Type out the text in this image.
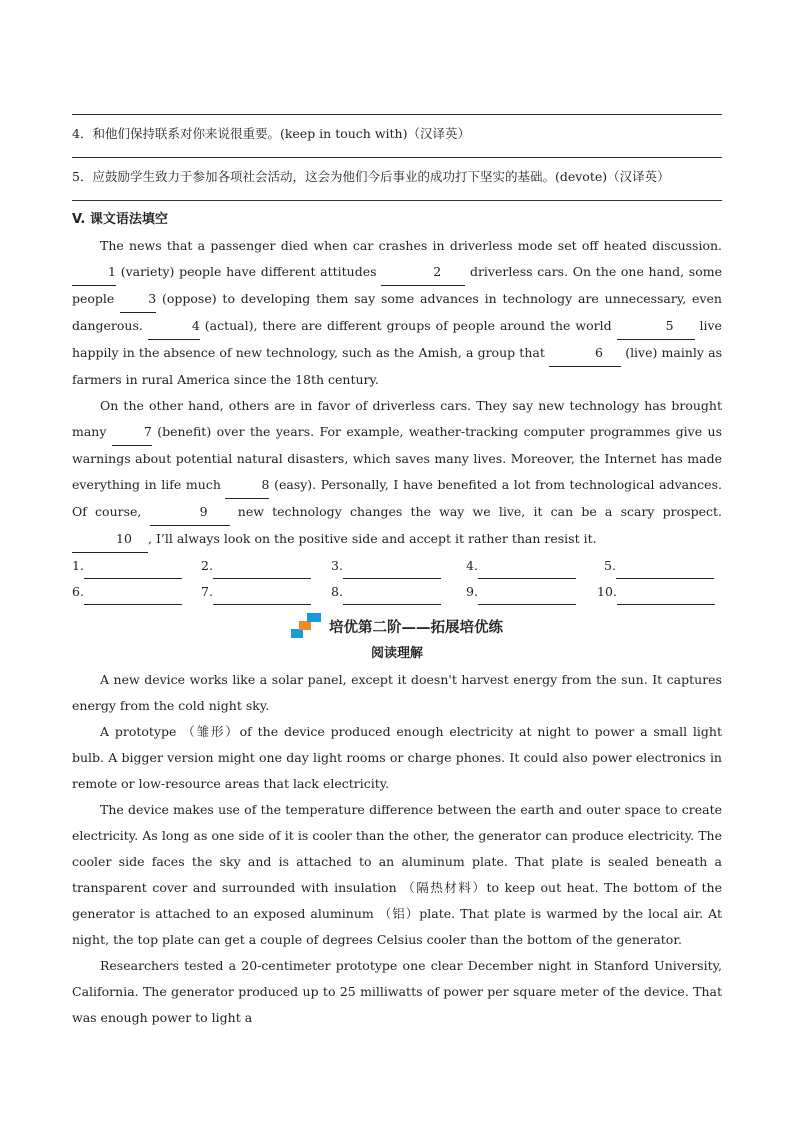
4．和他们保持联系对你来说很重要。(keep in touch with)（汉译英）
5．应鼓励学生致力于参加各项社会活动，这会为他们今后事业的成功打下坚实的基础。(devote)（汉译英）
V. 课文语法填空

The news that a passenger died when car crashes in driverless mode set off heated discussion. 1 (variety) people have different attitudes	2 driverless cars. On the one hand, some people	3 (oppose) to developing them say some advances in technology are unnecessary, even dangerous.	4 (actual), there are different groups of people around the world	5 live happily in the absence of new technology, such as the Amish, a group that	6 (live) mainly as farmers in rural America since the 18th century.

On the other hand, others are in favor of driverless cars. They say new technology has brought many	7 (benefit) over the years. For example, weather-tracking computer programmes give us warnings about potential natural disasters, which saves many lives. Moreover, the Internet has made everything in life much	8 (easy). Personally, I have benefited a lot from technological advances. Of course,	9 new technology changes the way we live, it can be a scary prospect. 10 , I’ll always look on the positive side and accept it rather than resist it.

1.	2.	3.	4.	5.
6.	7.	8.	9.	10.
培优第二阶——拓展培优练
阅读理解

A new device works like a solar panel, except it doesn't harvest energy from the sun. It captures energy from the cold night sky.

A prototype （雏形）of the device produced enough electricity at night to power a small light bulb. A bigger version might one day light rooms or charge phones. It could also power electronics in remote or low-resource areas that lack electricity.

The device makes use of the temperature difference between the earth and outer space to create electricity. As long as one side of it is cooler than the other, the generator can produce electricity. The cooler side faces the sky and is attached to an aluminum plate. That plate is sealed beneath a transparent cover and surrounded with insulation （隔热材料）to keep out heat. The bottom of the generator is attached to an exposed aluminum （铝）plate. That plate is warmed by the local air. At night, the top plate can get a couple of degrees Celsius cooler than the bottom of the generator.

Researchers tested a 20-centimeter prototype one clear December night in Stanford University, California. The generator produced up to 25 milliwatts of power per square meter of the device. That was enough power to light a
